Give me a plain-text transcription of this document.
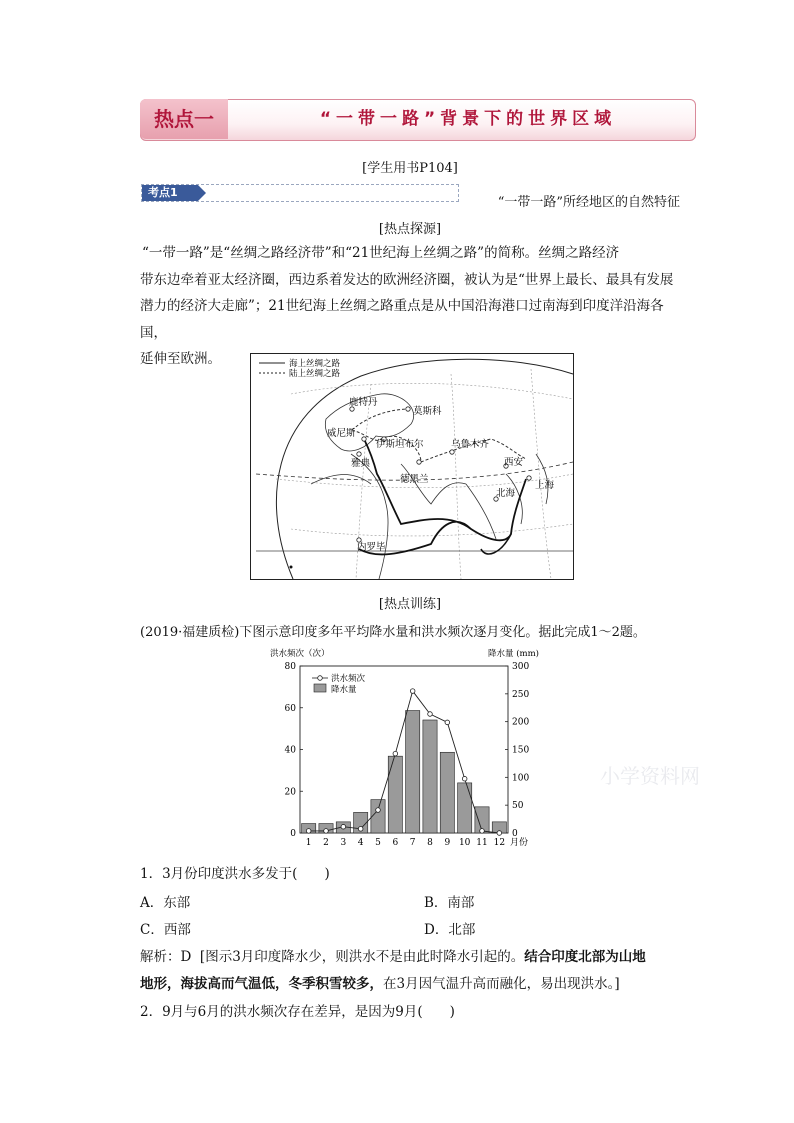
热点一	“一带一路”背景下的世界区域
[学生用书P104]
考点1
“一带一路”所经地区的自然特征
[热点探源]
“一带一路”是“丝绸之路经济带”和“21世纪海上丝绸之路”的简称。丝绸之路经济
带东边牵着亚太经济圈，西边系着发达的欧洲经济圈，被认为是“世界上最长、最具有发展
潜力的经济大走廊”；21世纪海上丝绸之路重点是从中国沿海港口过南海到印度洋沿海各国，
延伸至欧洲。	海上丝绸之路
陆上丝绸之路
鹿特丹
莫斯科
威尼斯
伊斯坦布尔	乌鲁木齐
雅典
德黑兰
西安
北海
上海
内罗毕
[热点训练]
(2019·福建质检)下图示意印度多年平均降水量和洪水频次逐月变化。据此完成1～2题。
洪水频次（次）	降水量 (mm)
0
20
40
60
80
0
50
100
150
200
250
300
1 2 3 4 5 6 7 8 9 10 11 12 月份
洪水频次
降水量
小学资料网
1．3月份印度洪水多发于(　　)
A．东部	B．南部
C．西部	D．北部
解析：D [图示3月印度降水少，则洪水不是由此时降水引起的。结合印度北部为山地
地形，海拔高而气温低，冬季积雪较多，在3月因气温升高而融化，易出现洪水。]
2．9月与6月的洪水频次存在差异，是因为9月(　　)
